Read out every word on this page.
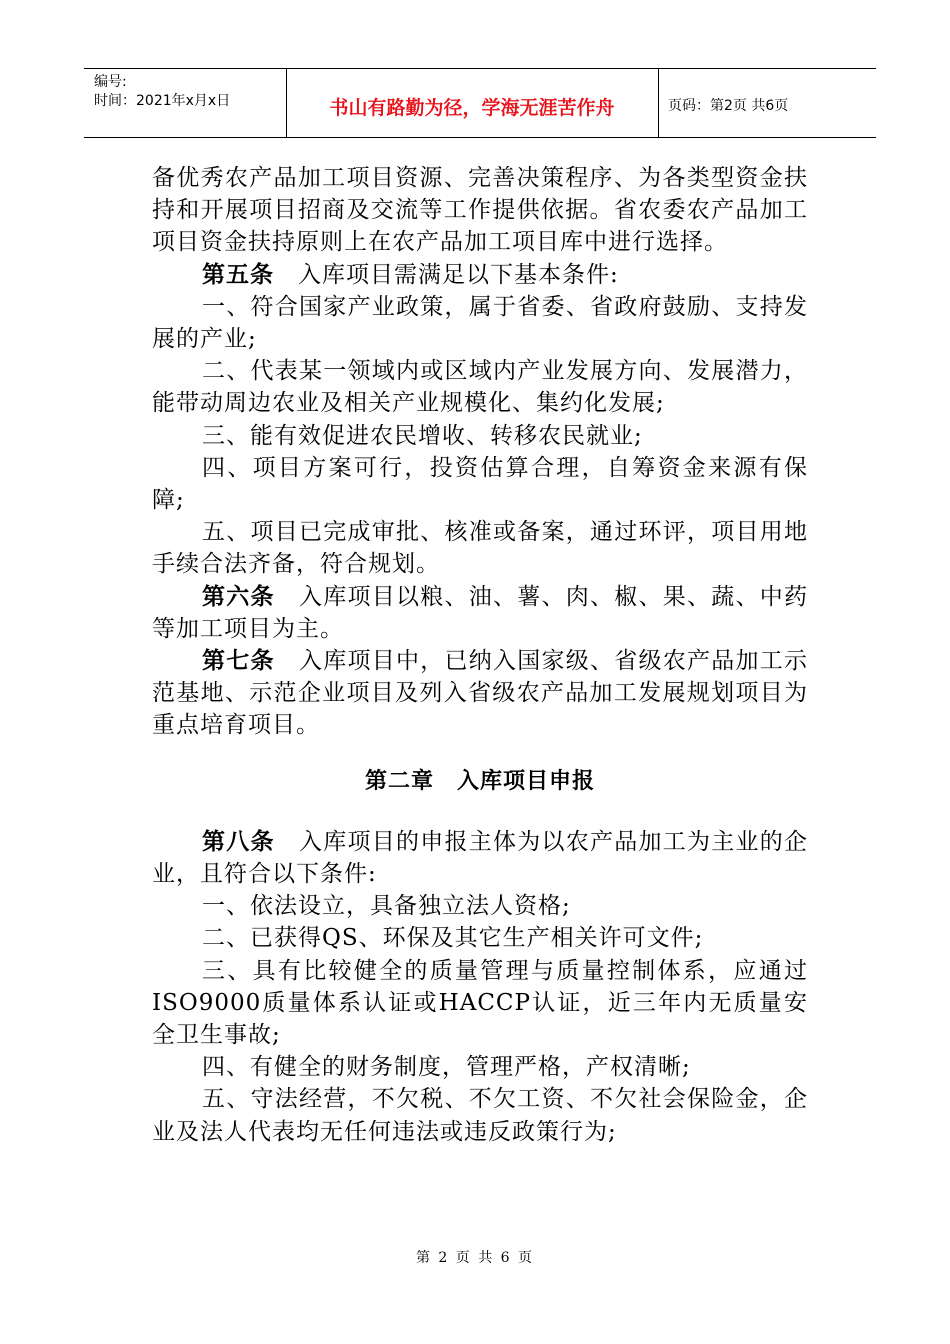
编号:
时间：2021年x月x日	书山有路勤为径，学海无涯苦作舟	页码：第2页 共6页

备优秀农产品加工项目资源、完善决策程序、为各类型资金扶持和开展项目招商及交流等工作提供依据。省农委农产品加工项目资金扶持原则上在农产品加工项目库中进行选择。

第五条　 入库项目需满足以下基本条件:

一、符合国家产业政策，属于省委、省政府鼓励、支持发展的产业;

二、代表某一领域内或区域内产业发展方向、发展潜力，能带动周边农业及相关产业规模化、集约化发展;

三、能有效促进农民增收、转移农民就业;

四、项目方案可行，投资估算合理，自筹资金来源有保障;

五、项目已完成审批、核准或备案，通过环评，项目用地手续合法齐备，符合规划。

第六条　 入库项目以粮、油、薯、肉、椒、果、蔬、中药等加工项目为主。

第七条　 入库项目中，已纳入国家级、省级农产品加工示范基地、示范企业项目及列入省级农产品加工发展规划项目为重点培育项目。

第二章　入库项目申报

第八条　 入库项目的申报主体为以农产品加工为主业的企业，且符合以下条件:

一、依法设立，具备独立法人资格;

二、已获得QS、环保及其它生产相关许可文件;

三、具有比较健全的质量管理与质量控制体系，应通过ISO9000质量体系认证或HACCP认证，近三年内无质量安全卫生事故;

四、有健全的财务制度，管理严格，产权清晰;

五、守法经营，不欠税、不欠工资、不欠社会保险金，企业及法人代表均无任何违法或违反政策行为;

第 2 页 共 6 页
